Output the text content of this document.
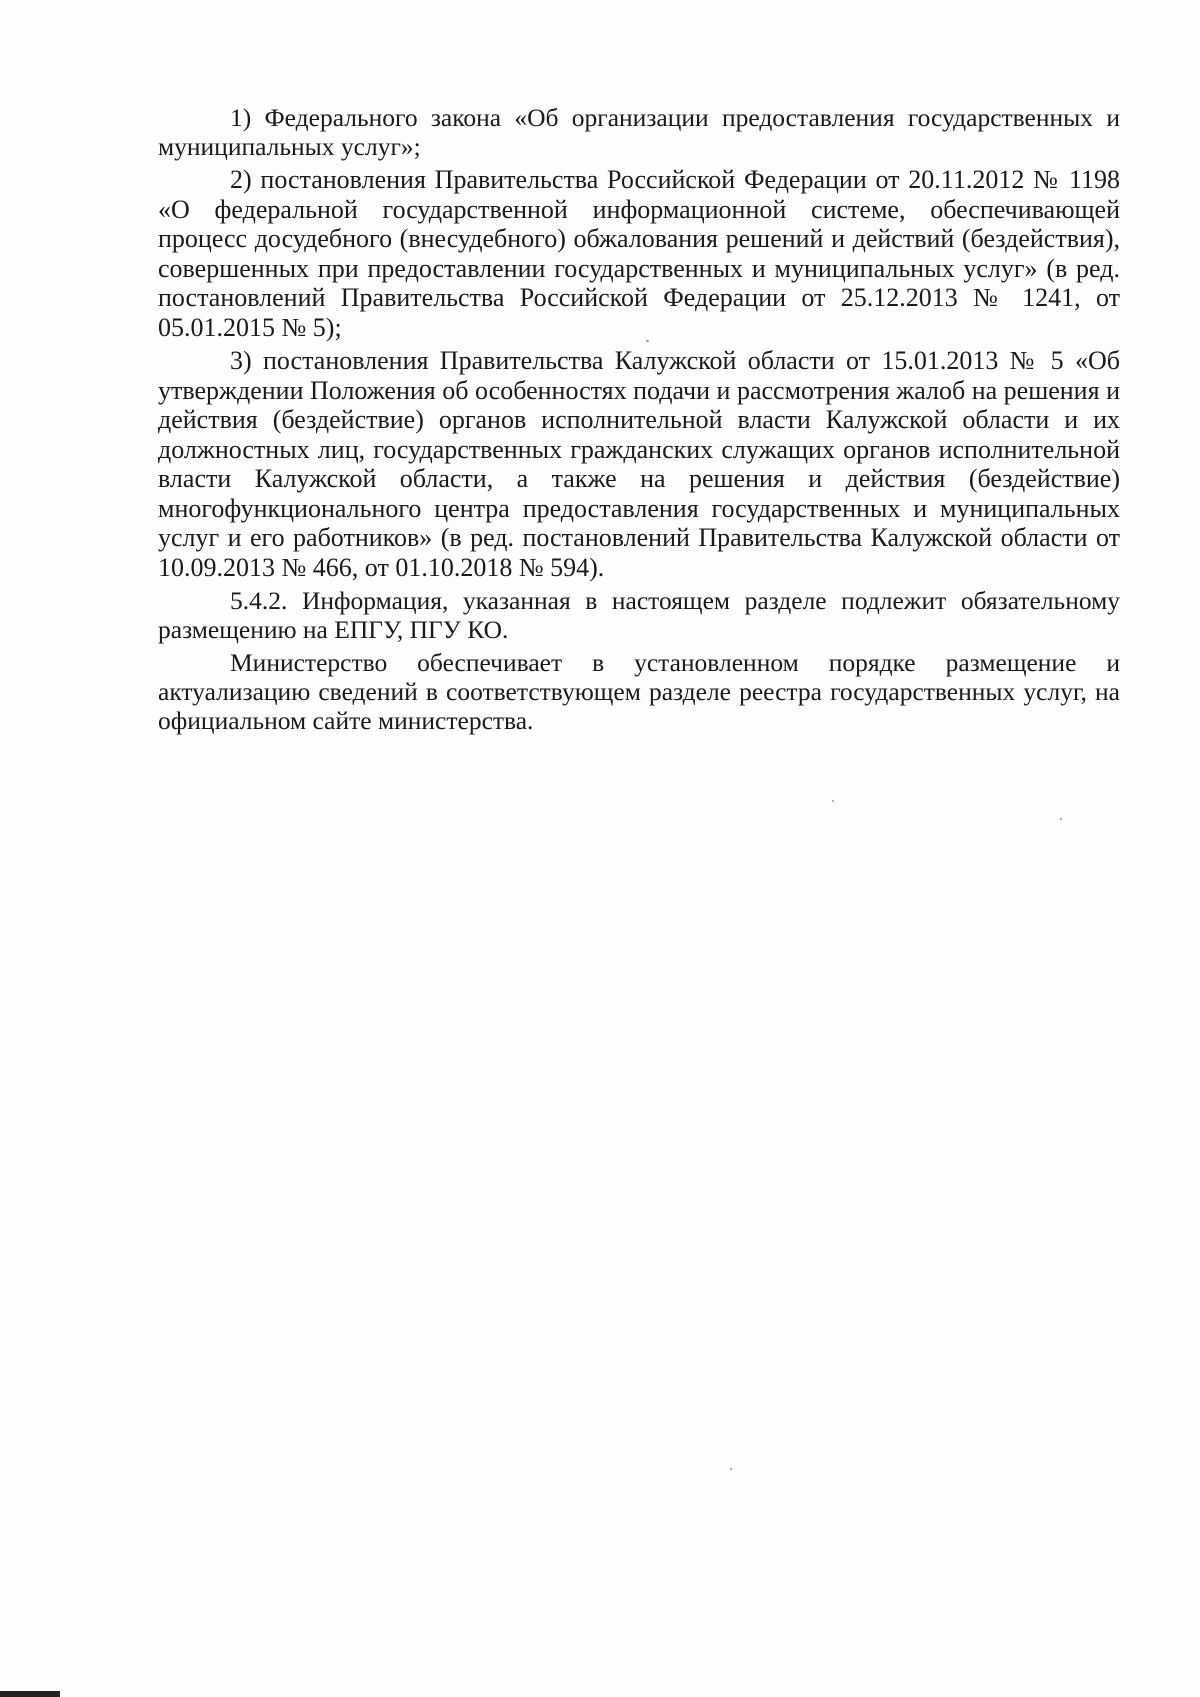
1) Федерального закона «Об организации предоставления государственных и муниципальных услуг»;

2) постановления Правительства Российской Федерации от 20.11.2012 № 1198 «О федеральной государственной информационной системе, обеспечивающей процесс досудебного (внесудебного) обжалования решений и действий (бездействия), совершенных при предоставлении государственных и муниципальных услуг» (в ред. постановлений Правительства Российской Федерации от 25.12.2013 № 1241, от 05.01.2015 № 5);

3) постановления Правительства Калужской области от 15.01.2013 № 5 «Об утверждении Положения об особенностях подачи и рассмотрения жалоб на решения и действия (бездействие) органов исполнительной власти Калужской области и их должностных лиц, государственных гражданских служащих органов исполнительной власти Калужской области, а также на решения и действия (бездействие) многофункционального центра предоставления государственных и муниципальных услуг и его работников» (в ред. постановлений Правительства Калужской области от 10.09.2013 № 466, от 01.10.2018 № 594).

5.4.2. Информация, указанная в настоящем разделе подлежит обязательному размещению на ЕПГУ, ПГУ КО.

Министерство обеспечивает в установленном порядке размещение и актуализацию сведений в соответствующем разделе реестра государственных услуг, на официальном сайте министерства.
